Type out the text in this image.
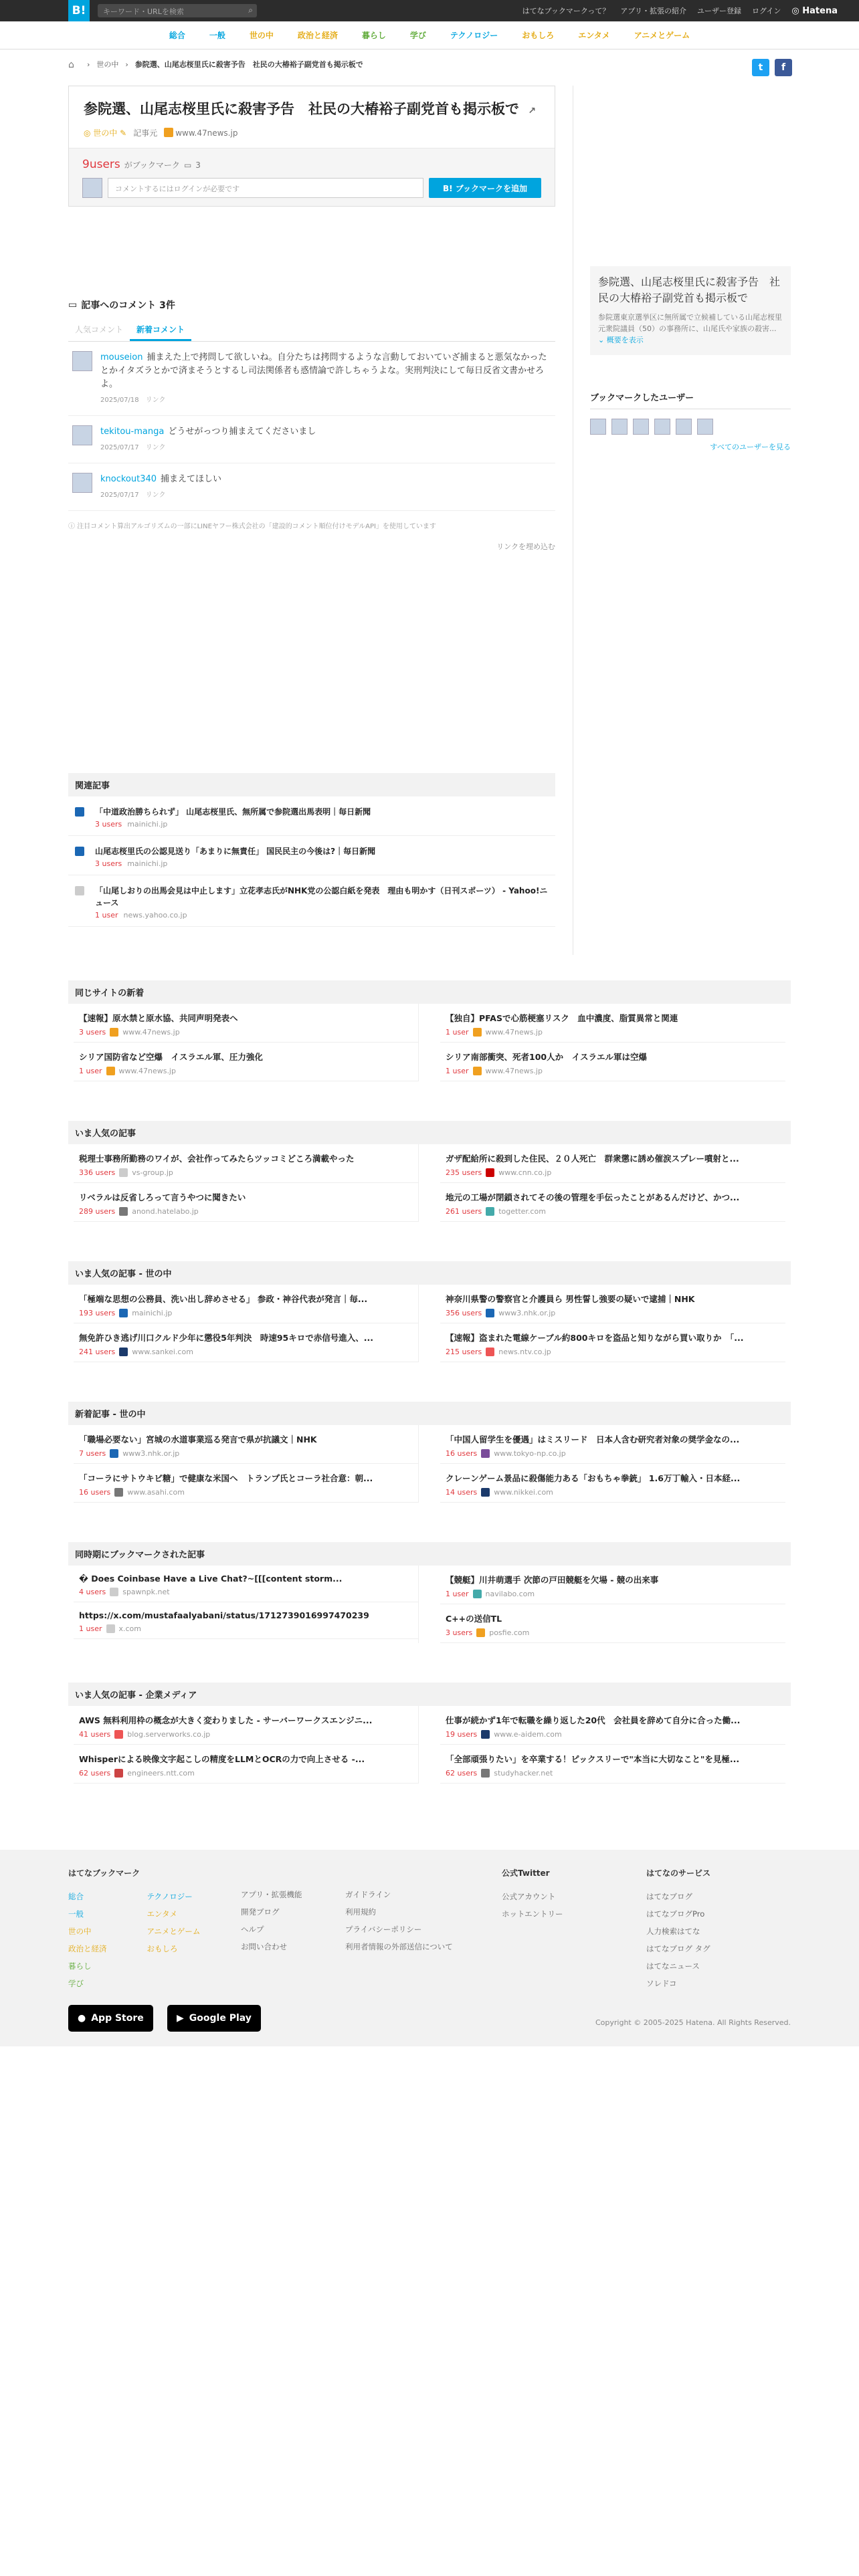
B!	キーワード・URLを検索	⌕	はてなブックマークって？ アプリ・拡張の紹介 ユーザー登録 ログイン ◎ Hatena
総合	一般	世の中	政治と経済	暮らし	学び	テクノロジー	おもしろ	エンタメ	アニメとゲーム
⌂	› 世の中 › 参院選、山尾志桜里氏に殺害予告　社民の大椿裕子副党首も掲示板で	t	f
参院選、山尾志桜里氏に殺害予告　社民の大椿裕子副党首も掲示板で ↗
◎ 世の中 ✎ 記事元	www.47news.jp
9users がブックマーク ▭ 3
コメントするにはログインが必要です	B! ブックマークを追加
参院選、山尾志桜里氏に殺害予告　社民の大椿裕子副党首も掲示板で
参院選東京選挙区に無所属で立候補している山尾志桜里元衆院議員（50）の事務所に、山尾氏や家族の殺害... ⌄ 概要を表示
ブックマークしたユーザー
すべてのユーザーを見る
▭ 記事へのコメント 3件
人気コメント	新着コメント
mouseion 捕まえた上で拷問して欲しいね。自分たちは拷問するような言動しておいていざ捕まると悪気なかったとかイタズラとかで済まそうとするし司法関係者も惑情論で許しちゃうよな。実刑判決にして毎日反省文書かせろよ。
2025/07/18 リンク
tekitou-manga どうせがっつり捕まえてくださいまし
2025/07/17 リンク
knockout340 捕まえてほしい
2025/07/17 リンク
ⓘ 注目コメント算出アルゴリズムの一部にLINEヤフー株式会社の「建設的コメント順位付けモデルAPI」を使用しています
リンクを埋め込む
関連記事
「中道政治勝ちられず」 山尾志桜里氏、無所属で参院選出馬表明｜毎日新聞
3 users mainichi.jp
山尾志桜里氏の公認見送り「あまりに無責任」 国民民主の今後は?｜毎日新聞
3 users mainichi.jp
「山尾しおりの出馬会見は中止します」立花孝志氏がNHK党の公認白紙を発表　理由も明かす（日刊スポーツ） - Yahoo!ニュース
1 user news.yahoo.co.jp
同じサイトの新着
【速報】原水禁と原水協、共同声明発表へ
3 users www.47news.jp
シリア国防省など空爆　イスラエル軍、圧力強化
1 user www.47news.jp
【独自】PFASで心筋梗塞リスク　血中濃度、脂質異常と関連
1 user www.47news.jp
シリア南部衝突、死者100人か　イスラエル軍は空爆
1 user www.47news.jp
いま人気の記事
税理士事務所勤務のワイが、会社作ってみたらツッコミどころ満載やった
336 users vs-group.jp
リベラルは反省しろって言うやつに聞きたい
289 users anond.hatelabo.jp
ガザ配給所に殺到した住民、２０人死亡　群衆懲に誘め催涙スプレー噴射と...
235 users www.cnn.co.jp
地元の工場が閉鎖されてその後の管理を手伝ったことがあるんだけど、かつ...
261 users togetter.com
いま人気の記事 - 世の中
「極端な思想の公務員、洗い出し辞めさせる」 参政・神谷代表が発言｜毎...
193 users mainichi.jp
無免許ひき逃げ川口クルド少年に懲役5年判決　時速95キロで赤信号進入、...
241 users www.sankei.com
神奈川県警の警察官と介護員ら 男性誓し強要の疑いで逮捕｜NHK
356 users www3.nhk.or.jp
【速報】盗まれた電線ケーブル約800キロを盗品と知りながら買い取りか　「...
215 users news.ntv.co.jp
新着記事 - 世の中
「職場必要ない」宮城の水道事業巡る発言で県が抗議文｜NHK
7 users www3.nhk.or.jp
「コーラにサトウキビ糖」で健康な米国へ　トランプ氏とコーラ社合意：朝...
16 users www.asahi.com
「中国人留学生を優遇」はミスリード　日本人含む研究者対象の奨学金なの...
16 users www.tokyo-np.co.jp
クレーンゲーム景品に殺傷能力ある「おもちゃ拳銃」 1.6万丁輸入・日本経...
14 users www.nikkei.com
同時期にブックマークされた記事
� Does Coinbase Have a Live Chat?~[[[content storm...
4 users spawnpk.net
https://x.com/mustafaalyabani/status/1712739016997470239
1 user x.com
【競艇】川井萌選手 次節の戸田競艇を欠場 - 競の出来事
1 user navilabo.com
C++の送信TL
3 users posfie.com
いま人気の記事 - 企業メディア
AWS 無料利用枠の概念が大きく変わりました - サーバーワークスエンジニ...
41 users blog.serverworks.co.jp
Whisperによる映像文字起こしの精度をLLMとOCRの力で向上させる -...
62 users engineers.ntt.com
仕事が続かず1年で転職を繰り返した20代　会社員を辞めて自分に合った働...
19 users www.e-aidem.com
「全部頑張りたい」を卒業する！ピックスリーで"本当に大切なこと"を見極...
62 users studyhacker.net
はてなブックマーク
総合
一般
世の中
政治と経済
暮らし
学び
テクノロジー
エンタメ
アニメとゲーム
おもしろ
アプリ・拡張機能
開発ブログ
ヘルプ
お問い合わせ
ガイドライン
利用規約
プライバシーポリシー
利用者情報の外部送信について
公式Twitter
公式アカウント
ホットエントリー
はてなのサービス
はてなブログ
はてなブログPro
人力検索はてな
はてなブログ タグ
はてなニュース
ソレドコ
● App Store	▶ Google Play	Copyright © 2005-2025 Hatena. All Rights Reserved.
